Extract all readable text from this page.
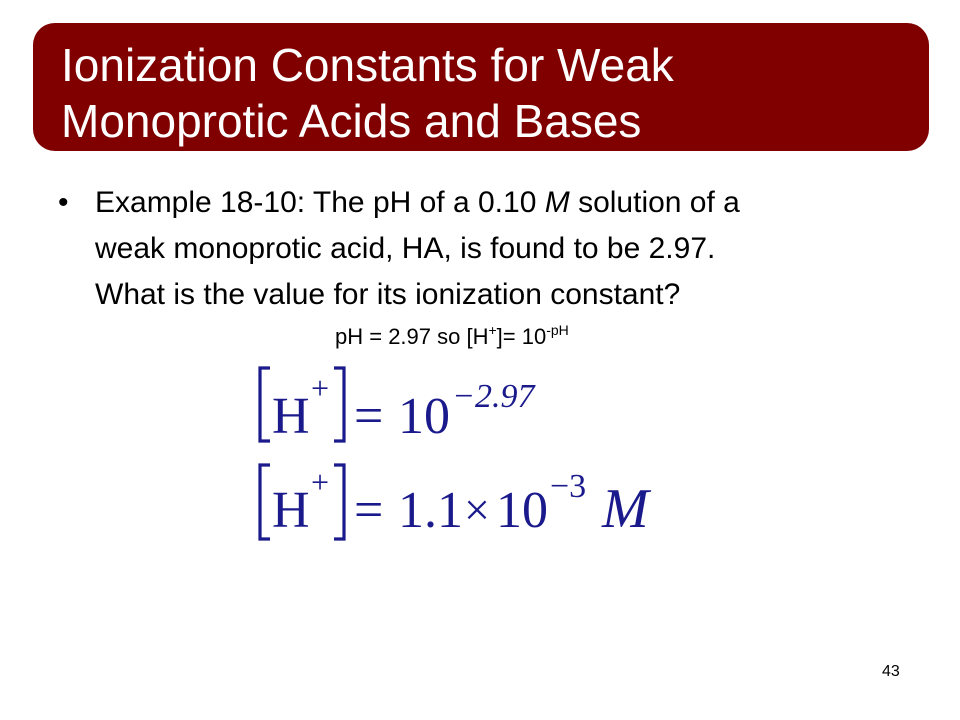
Ionization Constants for Weak
Monoprotic Acids and Bases
• Example 18-10: The pH of a 0.10 M solution of a
weak monoprotic acid, HA, is found to be 2.97.
What is the value for its ionization constant?
pH = 2.97 so $[H^+]= 10^{-pH}$
H + = 10 −2.97
H + = 1.1 × 10 −3 M
43
